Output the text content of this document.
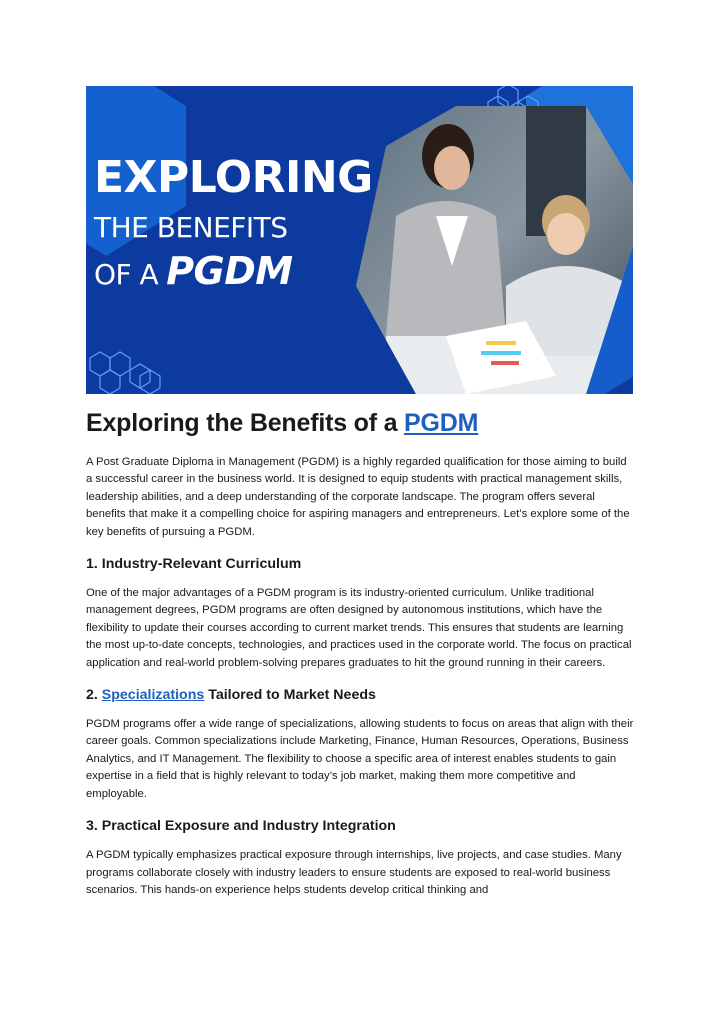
EXPLORING
THE BENEFITS
OF A PGDM
Exploring the Benefits of a PGDM

A Post Graduate Diploma in Management (PGDM) is a highly regarded qualification for those aiming to build a successful career in the business world. It is designed to equip students with practical management skills, leadership abilities, and a deep understanding of the corporate landscape. The program offers several benefits that make it a compelling choice for aspiring managers and entrepreneurs. Let’s explore some of the key benefits of pursuing a PGDM.

1. Industry-Relevant Curriculum

One of the major advantages of a PGDM program is its industry-oriented curriculum. Unlike traditional management degrees, PGDM programs are often designed by autonomous institutions, which have the flexibility to update their courses according to current market trends. This ensures that students are learning the most up-to-date concepts, technologies, and practices used in the corporate world. The focus on practical application and real-world problem-solving prepares graduates to hit the ground running in their careers.

2. Specializations Tailored to Market Needs

PGDM programs offer a wide range of specializations, allowing students to focus on areas that align with their career goals. Common specializations include Marketing, Finance, Human Resources, Operations, Business Analytics, and IT Management. The flexibility to choose a specific area of interest enables students to gain expertise in a field that is highly relevant to today’s job market, making them more competitive and employable.

3. Practical Exposure and Industry Integration

A PGDM typically emphasizes practical exposure through internships, live projects, and case studies. Many programs collaborate closely with industry leaders to ensure students are exposed to real-world business scenarios. This hands-on experience helps students develop critical thinking and
